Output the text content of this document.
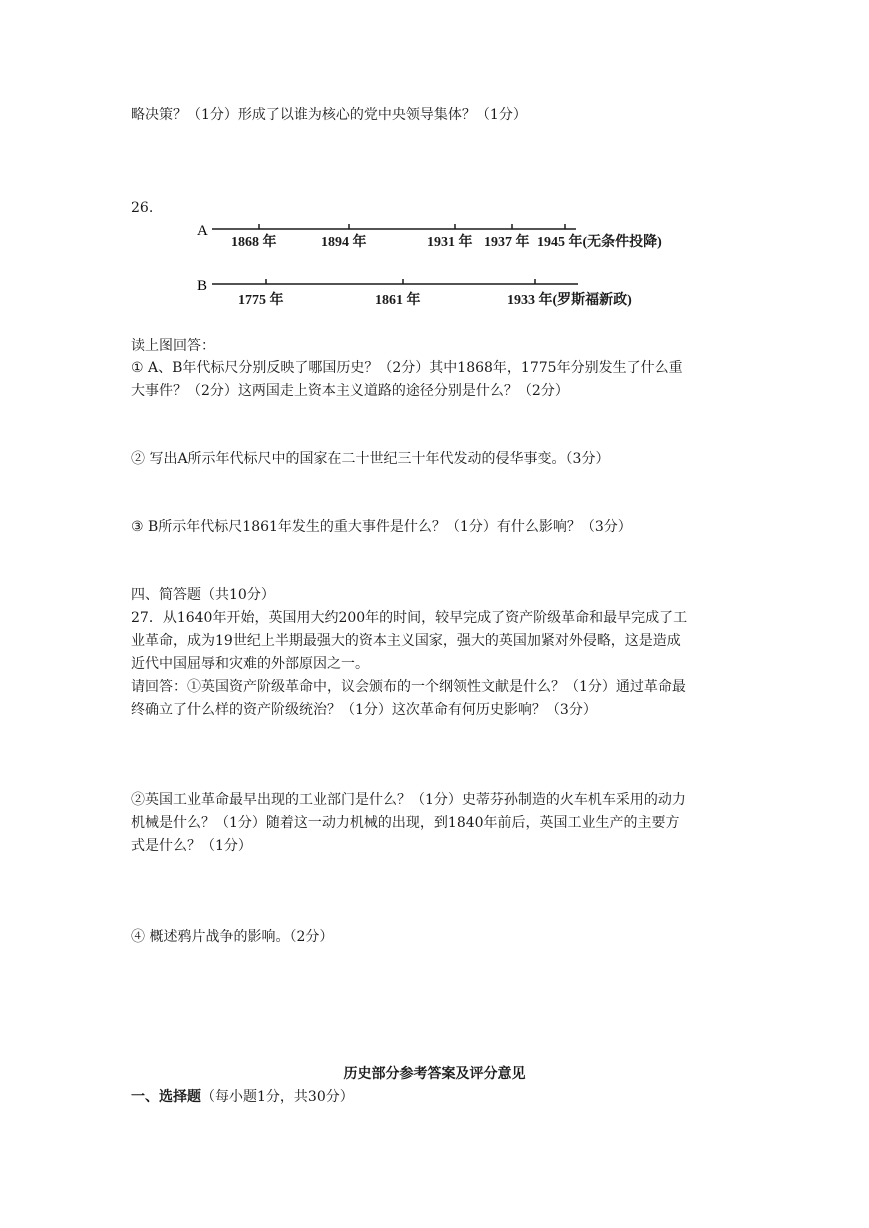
略决策？（1分）形成了以谁为核心的党中央领导集体？（1分）
26.
A
B
1868 年	1894 年	1931 年 1937 年 1945 年(无条件投降)
1775 年	1861 年	1933 年(罗斯福新政)
读上图回答：
① A、B年代标尺分别反映了哪国历史？（2分）其中1868年，1775年分别发生了什么重
大事件？（2分）这两国走上资本主义道路的途径分别是什么？（2分）
② 写出A所示年代标尺中的国家在二十世纪三十年代发动的侵华事变。（3分）
③ B所示年代标尺1861年发生的重大事件是什么？（1分）有什么影响？（3分）
四、简答题（共10分）
27．从1640年开始，英国用大约200年的时间，较早完成了资产阶级革命和最早完成了工
业革命，成为19世纪上半期最强大的资本主义国家，强大的英国加紧对外侵略，这是造成
近代中国屈辱和灾难的外部原因之一。
请回答：①英国资产阶级革命中，议会颁布的一个纲领性文献是什么？（1分）通过革命最
终确立了什么样的资产阶级统治？（1分）这次革命有何历史影响？（3分）
②英国工业革命最早出现的工业部门是什么？（1分）史蒂芬孙制造的火车机车采用的动力
机械是什么？（1分）随着这一动力机械的出现，到1840年前后，英国工业生产的主要方
式是什么？（1分）
④ 概述鸦片战争的影响。（2分）
历史部分参考答案及评分意见
一、选择题（每小题1分，共30分）
